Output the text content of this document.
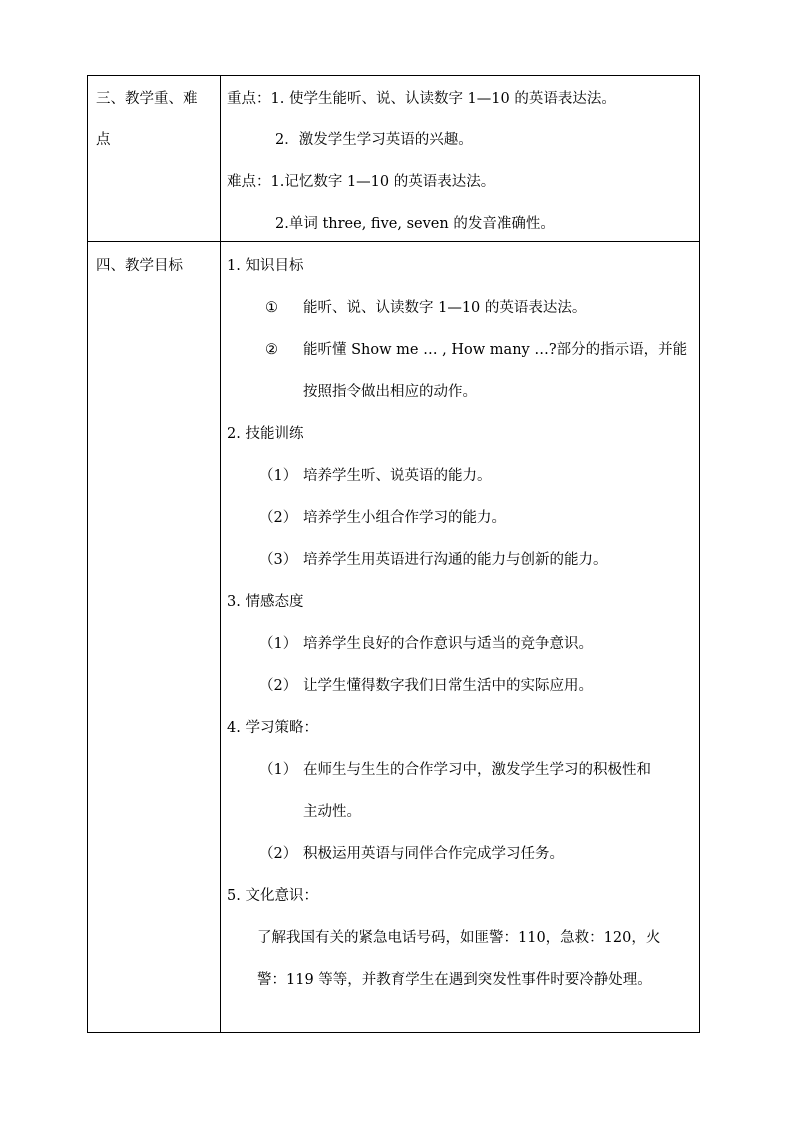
三、教学重、难
点
重点：1. 使学生能听、说、认读数字 1—10 的英语表达法。
2．激发学生学习英语的兴趣。
难点：1.记忆数字 1—10 的英语表达法。
2.单词 three, five, seven 的发音准确性。
四、教学目标	1. 知识目标
① 能听、说、认读数字 1—10 的英语表达法。
② 能听懂 Show me … , How many …?部分的指示语，并能
按照指令做出相应的动作。
2. 技能训练
（1） 培养学生听、说英语的能力。
（2） 培养学生小组合作学习的能力。
（3） 培养学生用英语进行沟通的能力与创新的能力。
3. 情感态度
（1） 培养学生良好的合作意识与适当的竞争意识。
（2） 让学生懂得数字我们日常生活中的实际应用。
4. 学习策略：
（1） 在师生与生生的合作学习中，激发学生学习的积极性和
主动性。
（2） 积极运用英语与同伴合作完成学习任务。
5. 文化意识：
了解我国有关的紧急电话号码，如匪警：110，急救：120，火
警：119 等等，并教育学生在遇到突发性事件时要冷静处理。
